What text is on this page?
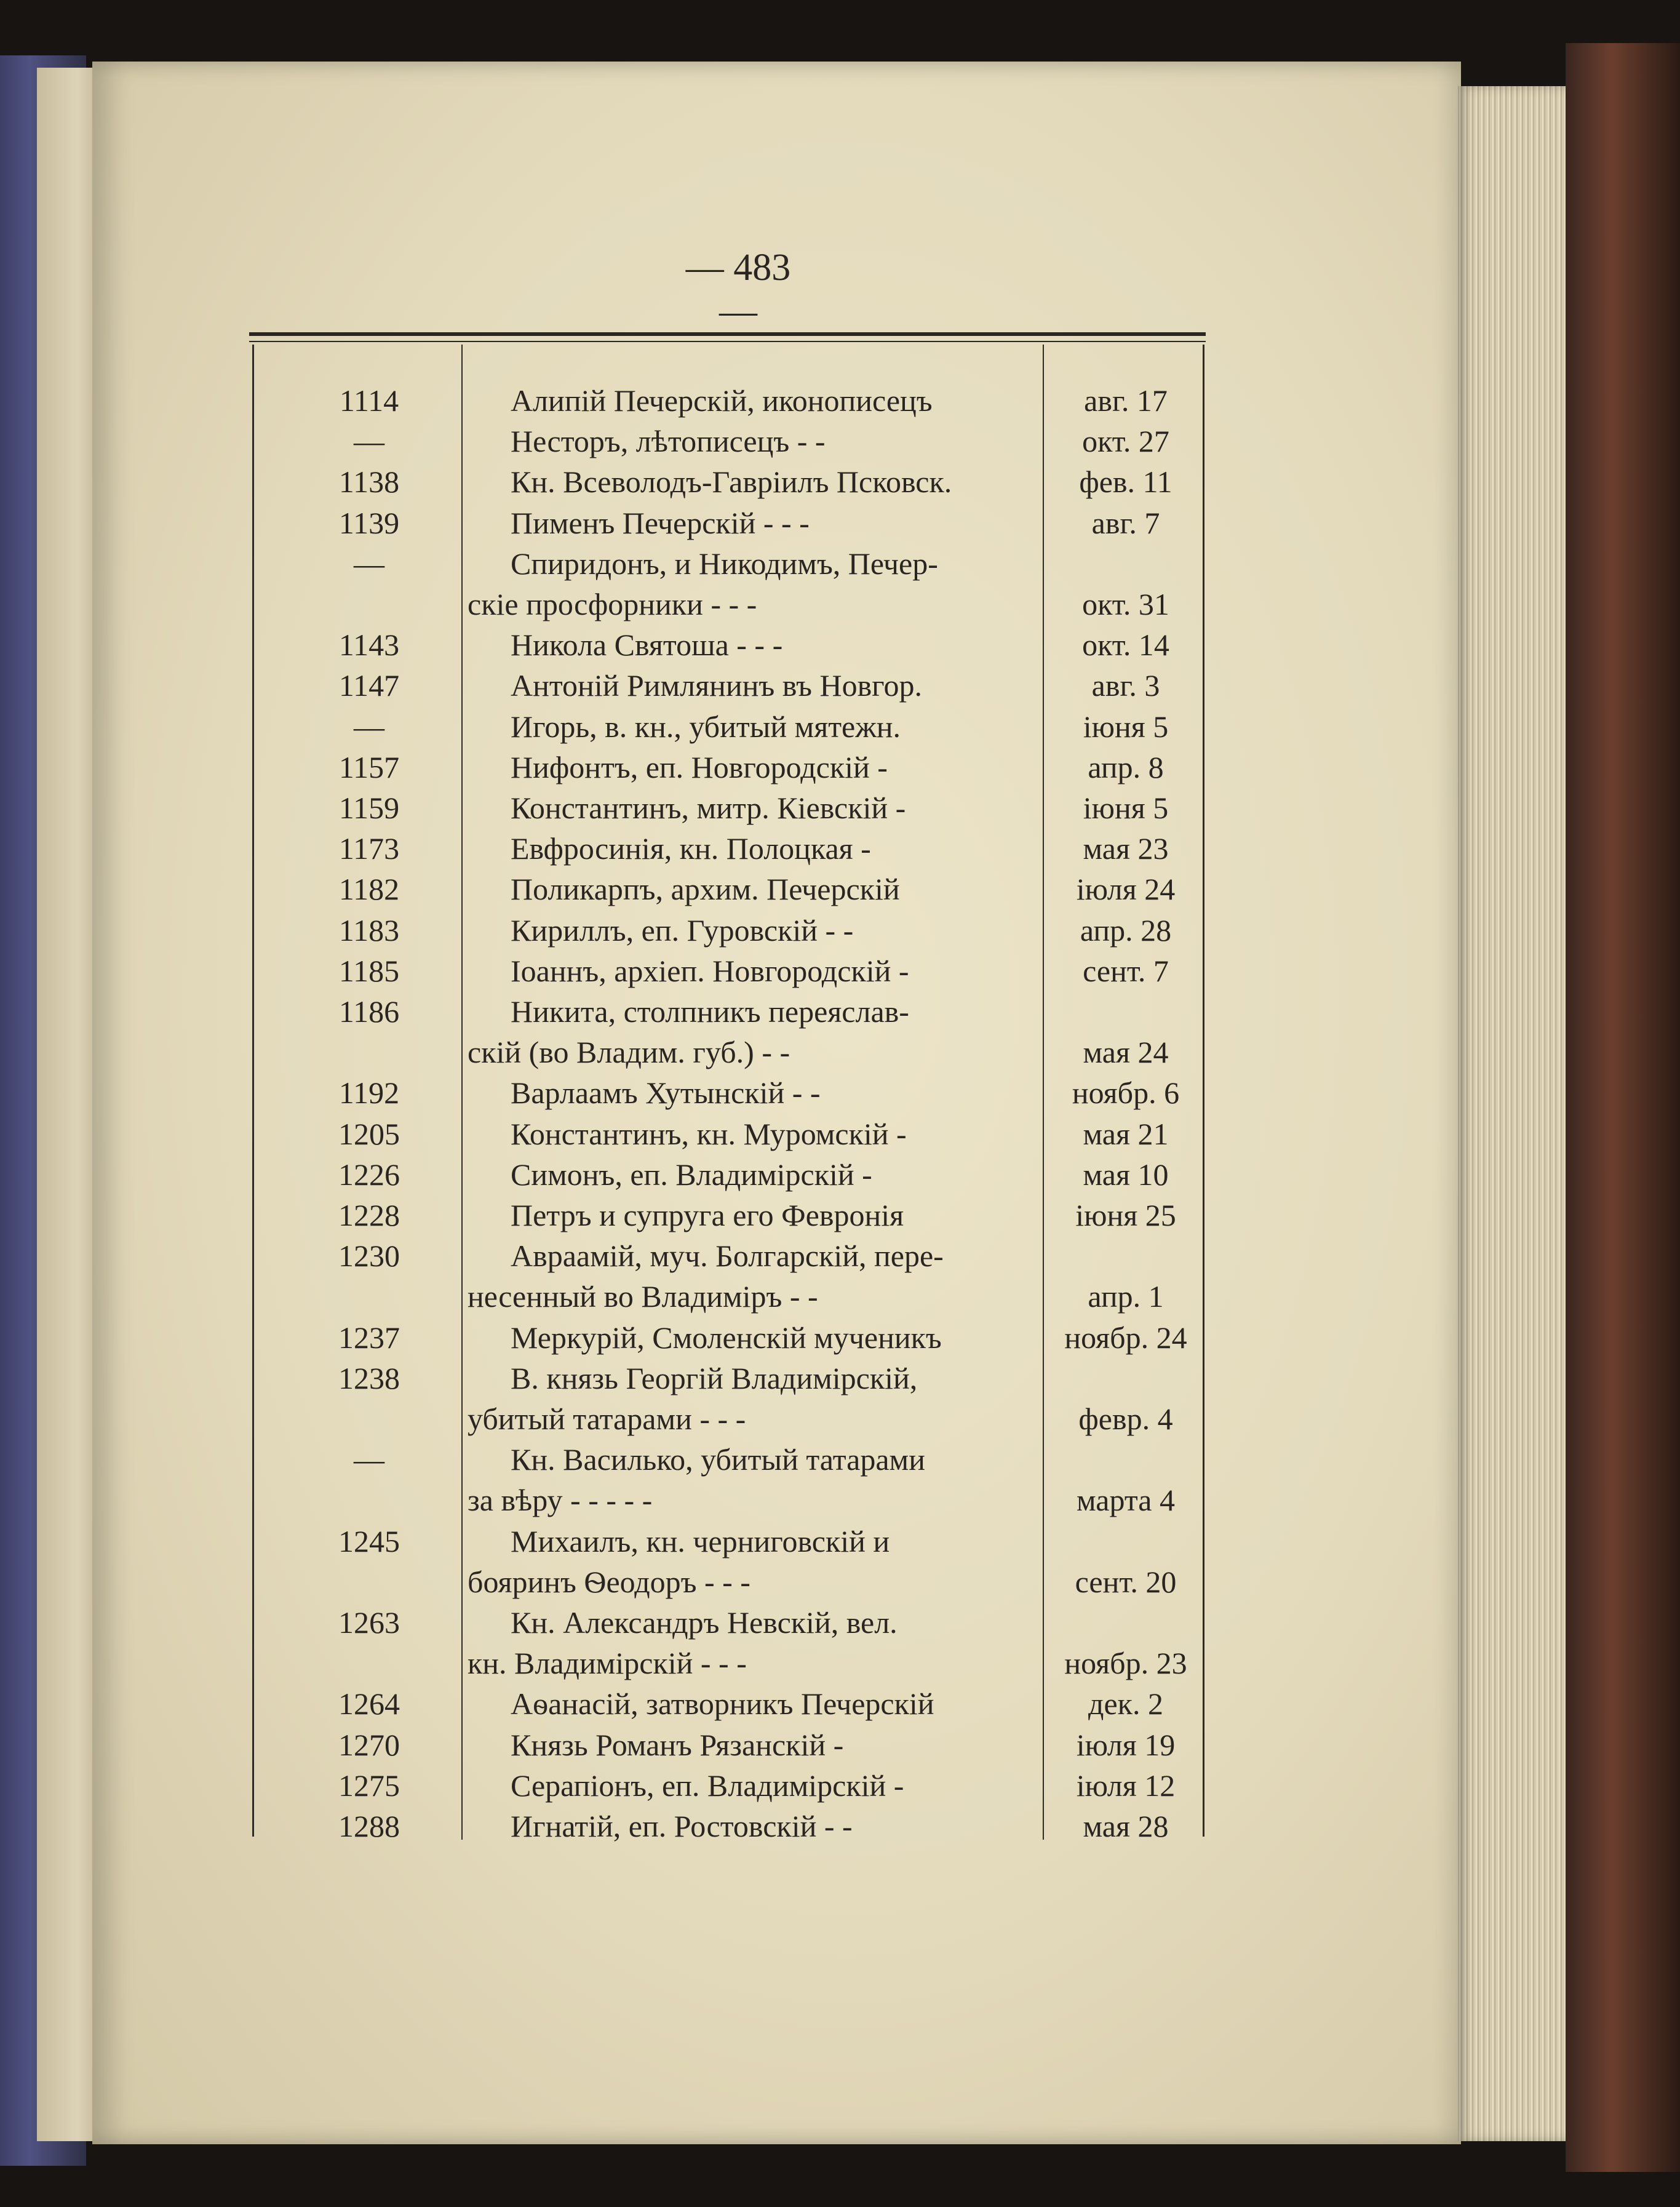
— 483 —
1114	Алипій Печерскій, иконописецъ	авг. 17
—	Несторъ, лѣтописецъ - -	окт. 27
1138	Кн. Всеволодъ-Гавріилъ Псковск.	фев. 11
1139	Пименъ Печерскій - - -	авг. 7
—	Спиридонъ, и Никодимъ, Печер-
скіе просфорники - - -	окт. 31
1143	Никола Святоша - - -	окт. 14
1147	Антоній Римлянинъ въ Новгор.	авг. 3
—	Игорь, в. кн., убитый мятежн.	іюня 5
1157	Нифонтъ, еп. Новгородскій -	апр. 8
1159	Константинъ, митр. Кіевскій -	іюня 5
1173	Евфросинія, кн. Полоцкая -	мая 23
1182	Поликарпъ, архим. Печерскій	іюля 24
1183	Кириллъ, еп. Гуровскій - -	апр. 28
1185	Іоаннъ, архіеп. Новгородскій -	сент. 7
1186	Никита, столпникъ переяслав-
скій (во Владим. губ.) - -	мая 24
1192	Варлаамъ Хутынскій - -	ноябр. 6
1205	Константинъ, кн. Муромскій -	мая 21
1226	Симонъ, еп. Владимірскій -	мая 10
1228	Петръ и супруга его Февронія	іюня 25
1230	Авраамій, муч. Болгарскій, пере-
несенный во Владиміръ - -	апр. 1
1237	Меркурій, Смоленскій мученикъ	ноябр. 24
1238	В. князь Георгій Владимірскій,
убитый татарами - - -	февр. 4
—	Кн. Василько, убитый татарами
за вѣру - - - - -	марта 4
1245	Михаилъ, кн. черниговскій и
бояринъ Ѳеодоръ - - -	сент. 20
1263	Кн. Александръ Невскій, вел.
кн. Владимірскій - - -	ноябр. 23
1264	Аѳанасій, затворникъ Печерскій	дек. 2
1270	Князь Романъ Рязанскій -	іюля 19
1275	Серапіонъ, еп. Владимірскій -	іюля 12
1288	Игнатій, еп. Ростовскій - -	мая 28
